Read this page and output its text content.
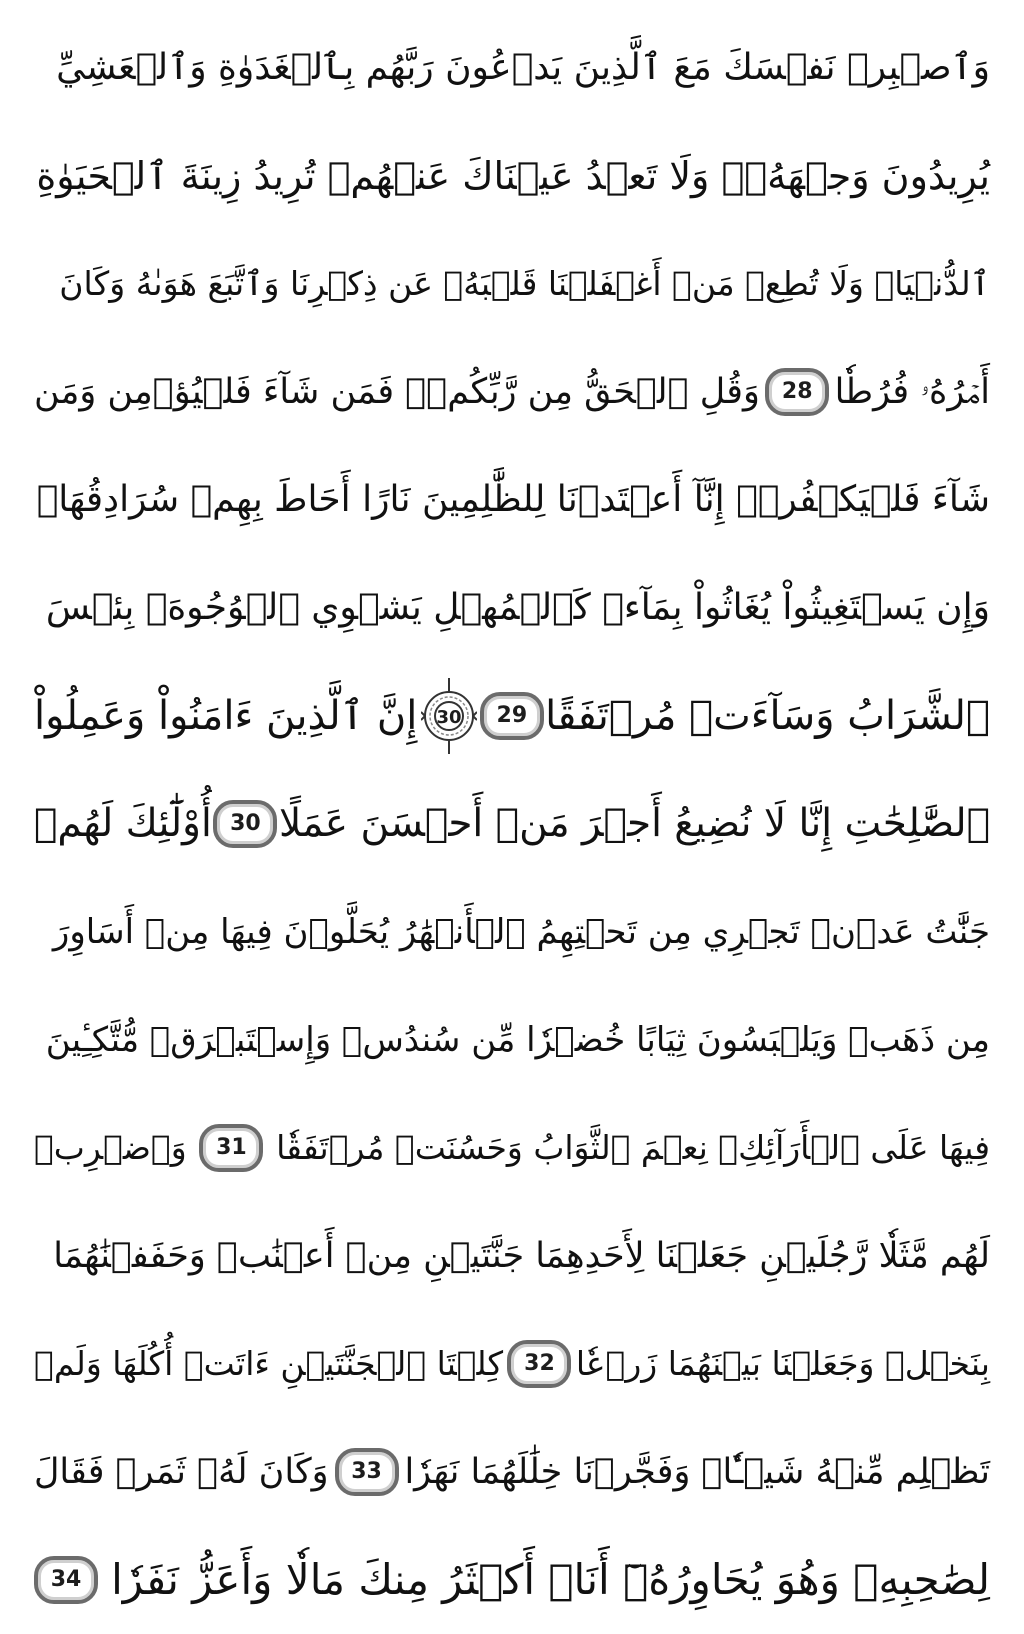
وَٱصۡبِرۡ نَفۡسَكَ مَعَ ٱلَّذِينَ يَدۡعُونَ رَبَّهُم بِٱلۡغَدَوٰةِ وَٱلۡعَشِيِّ
يُرِيدُونَ وَجۡهَهُۥۖ وَلَا تَعۡدُ عَيۡنَاكَ عَنۡهُمۡ تُرِيدُ زِينَةَ ٱلۡحَيَوٰةِ
ٱلدُّنۡيَاۖ وَلَا تُطِعۡ مَنۡ أَغۡفَلۡنَا قَلۡبَهُۥ عَن ذِكۡرِنَا وَٱتَّبَعَ هَوَىٰهُ وَكَانَ
أَمۡرُهُۥ فُرُطٗا
28
وَقُلِ ٱلۡحَقُّ مِن رَّبِّكُمۡۖ فَمَن شَآءَ فَلۡيُؤۡمِن وَمَن
شَآءَ فَلۡيَكۡفُرۡۚ إِنَّآ أَعۡتَدۡنَا لِلظَّٰلِمِينَ نَارًا أَحَاطَ بِهِمۡ سُرَادِقُهَاۚ
وَإِن يَسۡتَغِيثُواْ يُغَاثُواْ بِمَآءٖ كَٱلۡمُهۡلِ يَشۡوِي ٱلۡوُجُوهَۚ بِئۡسَ
ٱلشَّرَابُ وَسَآءَتۡ مُرۡتَفَقًا
29
30
إِنَّ ٱلَّذِينَ ءَامَنُواْ وَعَمِلُواْ
ٱلصَّٰلِحَٰتِ إِنَّا لَا نُضِيعُ أَجۡرَ مَنۡ أَحۡسَنَ عَمَلًا
30
أُوْلَٰٓئِكَ لَهُمۡ
جَنَّٰتُ عَدۡنٖ تَجۡرِي مِن تَحۡتِهِمُ ٱلۡأَنۡهَٰرُ يُحَلَّوۡنَ فِيهَا مِنۡ أَسَاوِرَ
مِن ذَهَبٖ وَيَلۡبَسُونَ ثِيَابًا خُضۡرٗا مِّن سُندُسٖ وَإِسۡتَبۡرَقٖ مُّتَّكِـِٔينَ
فِيهَا عَلَى ٱلۡأَرَآئِكِۚ نِعۡمَ ٱلثَّوَابُ وَحَسُنَتۡ مُرۡتَفَقٗا
31
وَٱضۡرِبۡ
لَهُم مَّثَلٗا رَّجُلَيۡنِ جَعَلۡنَا لِأَحَدِهِمَا جَنَّتَيۡنِ مِنۡ أَعۡنَٰبٖ وَحَفَفۡنَٰهُمَا
بِنَخۡلٖ وَجَعَلۡنَا بَيۡنَهُمَا زَرۡعٗا
32
كِلۡتَا ٱلۡجَنَّتَيۡنِ ءَاتَتۡ أُكُلَهَا وَلَمۡ
تَظۡلِم مِّنۡهُ شَيۡـٔٗاۚ وَفَجَّرۡنَا خِلَٰلَهُمَا نَهَرٗا
33
وَكَانَ لَهُۥ ثَمَرٞ فَقَالَ
لِصَٰحِبِهِۦ وَهُوَ يُحَاوِرُهُۥٓ أَنَا۠ أَكۡثَرُ مِنكَ مَالٗا وَأَعَزُّ نَفَرٗا
34
